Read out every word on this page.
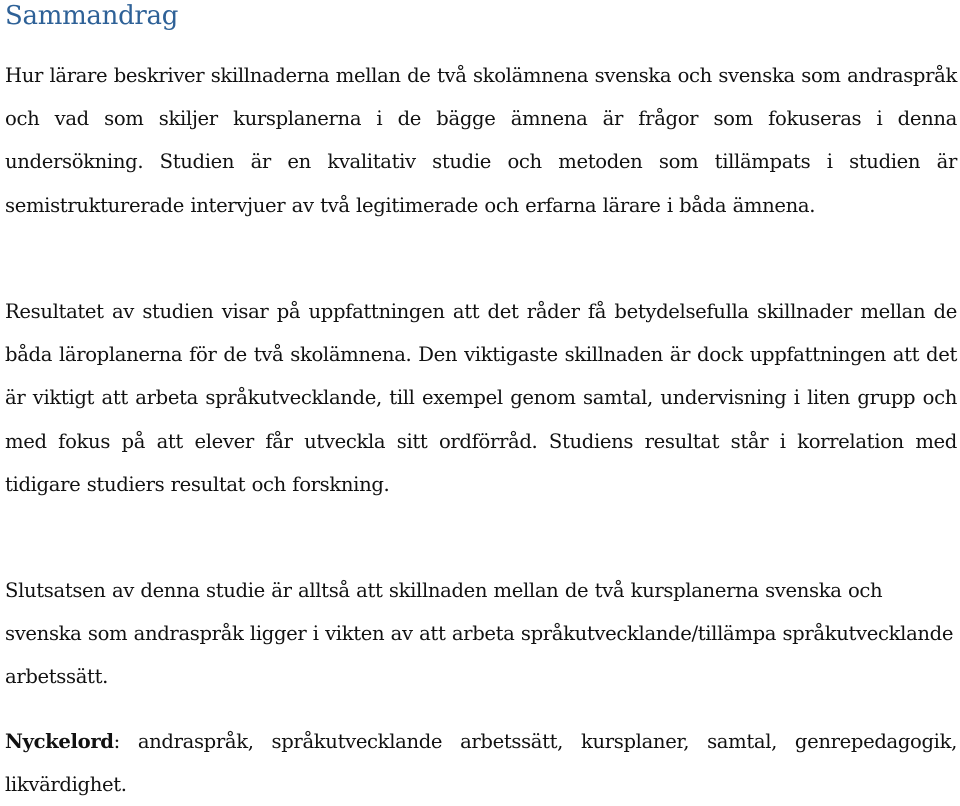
Sammandrag

Hur lärare beskriver skillnaderna mellan de två skolämnena svenska och svenska som andraspråk och vad som skiljer kursplanerna i de bägge ämnena är frågor som fokuseras i denna undersökning. Studien är en kvalitativ studie och metoden som tillämpats i studien är semistrukturerade intervjuer av två legitimerade och erfarna lärare i båda ämnena.

Resultatet av studien visar på uppfattningen att det råder få betydelsefulla skillnader mellan de båda läroplanerna för de två skolämnena. Den viktigaste skillnaden är dock uppfattningen att det är viktigt att arbeta språkutvecklande, till exempel genom samtal, undervisning i liten grupp och med fokus på att elever får utveckla sitt ordförråd. Studiens resultat står i korrelation med tidigare studiers resultat och forskning.

Slutsatsen av denna studie är alltså att skillnaden mellan de två kursplanerna svenska och svenska som andraspråk ligger i vikten av att arbeta språkutvecklande/tillämpa språkutvecklande arbetssätt.

Nyckelord: andraspråk, språkutvecklande arbetssätt, kursplaner, samtal, genrepedagogik, likvärdighet.
